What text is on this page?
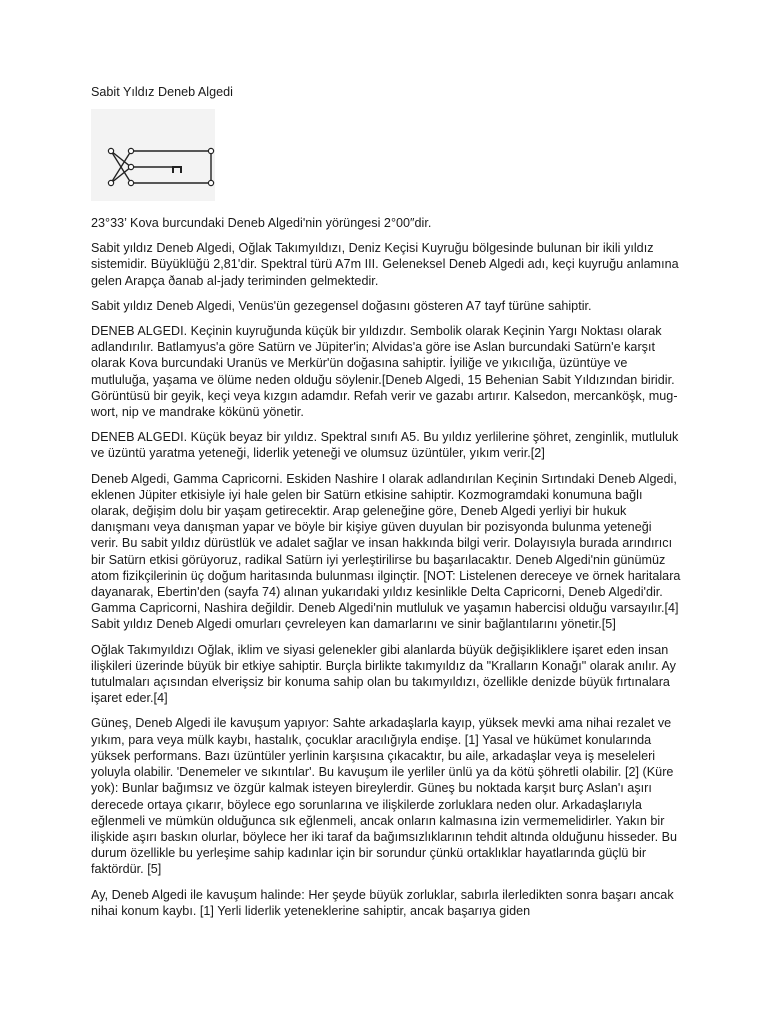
Sabit Yıldız Deneb Algedi

23°33’ Kova burcundaki Deneb Algedi'nin yörüngesi 2°00″dir.

Sabit yıldız Deneb Algedi, Oğlak Takımyıldızı, Deniz Keçisi Kuyruğu bölgesinde bulunan bir ikili yıldız sistemidir. Büyüklüğü 2,81'dir. Spektral türü A7m III. Geleneksel Deneb Algedi adı, keçi kuyruğu anlamına gelen Arapça ðanab al-jady teriminden gelmektedir.

Sabit yıldız Deneb Algedi, Venüs'ün gezegensel doğasını gösteren A7 tayf türüne sahiptir.

DENEB ALGEDI. Keçinin kuyruğunda küçük bir yıldızdır. Sembolik olarak Keçinin Yargı Noktası olarak adlandırılır. Batlamyus'a göre Satürn ve Jüpiter'in; Alvidas'a göre ise Aslan burcundaki Satürn'e karşıt olarak Kova burcundaki Uranüs ve Merkür'ün doğasına sahiptir. İyiliğe ve yıkıcılığa, üzüntüye ve mutluluğa, yaşama ve ölüme neden olduğu söylenir.[Deneb Algedi, 15 Behenian Sabit Yıldızından biridir. Görüntüsü bir geyik, keçi veya kızgın adamdır. Refah verir ve gazabı artırır. Kalsedon, mercanköşk, mug-wort, nip ve mandrake kökünü yönetir.

DENEB ALGEDI. Küçük beyaz bir yıldız. Spektral sınıfı A5. Bu yıldız yerlilerine şöhret, zenginlik, mutluluk ve üzüntü yaratma yeteneği, liderlik yeteneği ve olumsuz üzüntüler, yıkım verir.[2]

Deneb Algedi, Gamma Capricorni. Eskiden Nashire I olarak adlandırılan Keçinin Sırtındaki Deneb Algedi, eklenen Jüpiter etkisiyle iyi hale gelen bir Satürn etkisine sahiptir. Kozmogramdaki konumuna bağlı olarak, değişim dolu bir yaşam getirecektir. Arap geleneğine göre, Deneb Algedi yerliyi bir hukuk danışmanı veya danışman yapar ve böyle bir kişiye güven duyulan bir pozisyonda bulunma yeteneği verir. Bu sabit yıldız dürüstlük ve adalet sağlar ve insan hakkında bilgi verir. Dolayısıyla burada arındırıcı bir Satürn etkisi görüyoruz, radikal Satürn iyi yerleştirilirse bu başarılacaktır. Deneb Algedi'nin günümüz atom fizikçilerinin üç doğum haritasında bulunması ilginçtir. [NOT: Listelenen dereceye ve örnek haritalara dayanarak, Ebertin'den (sayfa 74) alınan yukarıdaki yıldız kesinlikle Delta Capricorni, Deneb Algedi'dir. Gamma Capricorni, Nashira değildir. Deneb Algedi'nin mutluluk ve yaşamın habercisi olduğu varsayılır.[4] Sabit yıldız Deneb Algedi omurları çevreleyen kan damarlarını ve sinir bağlantılarını yönetir.[5]

Oğlak Takımyıldızı Oğlak, iklim ve siyasi gelenekler gibi alanlarda büyük değişikliklere işaret eden insan ilişkileri üzerinde büyük bir etkiye sahiptir. Burçla birlikte takımyıldız da "Kralların Konağı" olarak anılır. Ay tutulmaları açısından elverişsiz bir konuma sahip olan bu takımyıldızı, özellikle denizde büyük fırtınalara işaret eder.[4]

Güneş, Deneb Algedi ile kavuşum yapıyor: Sahte arkadaşlarla kayıp, yüksek mevki ama nihai rezalet ve yıkım, para veya mülk kaybı, hastalık, çocuklar aracılığıyla endişe. [1] Yasal ve hükümet konularında yüksek performans. Bazı üzüntüler yerlinin karşısına çıkacaktır, bu aile, arkadaşlar veya iş meseleleri yoluyla olabilir. 'Denemeler ve sıkıntılar'. Bu kavuşum ile yerliler ünlü ya da kötü şöhretli olabilir. [2] (Küre yok): Bunlar bağımsız ve özgür kalmak isteyen bireylerdir. Güneş bu noktada karşıt burç Aslan'ı aşırı derecede ortaya çıkarır, böylece ego sorunlarına ve ilişkilerde zorluklara neden olur. Arkadaşlarıyla eğlenmeli ve mümkün olduğunca sık eğlenmeli, ancak onların kalmasına izin vermemelidirler. Yakın bir ilişkide aşırı baskın olurlar, böylece her iki taraf da bağımsızlıklarının tehdit altında olduğunu hisseder. Bu durum özellikle bu yerleşime sahip kadınlar için bir sorundur çünkü ortaklıklar hayatlarında güçlü bir faktördür. [5]

Ay, Deneb Algedi ile kavuşum halinde: Her şeyde büyük zorluklar, sabırla ilerledikten sonra başarı ancak nihai konum kaybı. [1] Yerli liderlik yeteneklerine sahiptir, ancak başarıya giden
